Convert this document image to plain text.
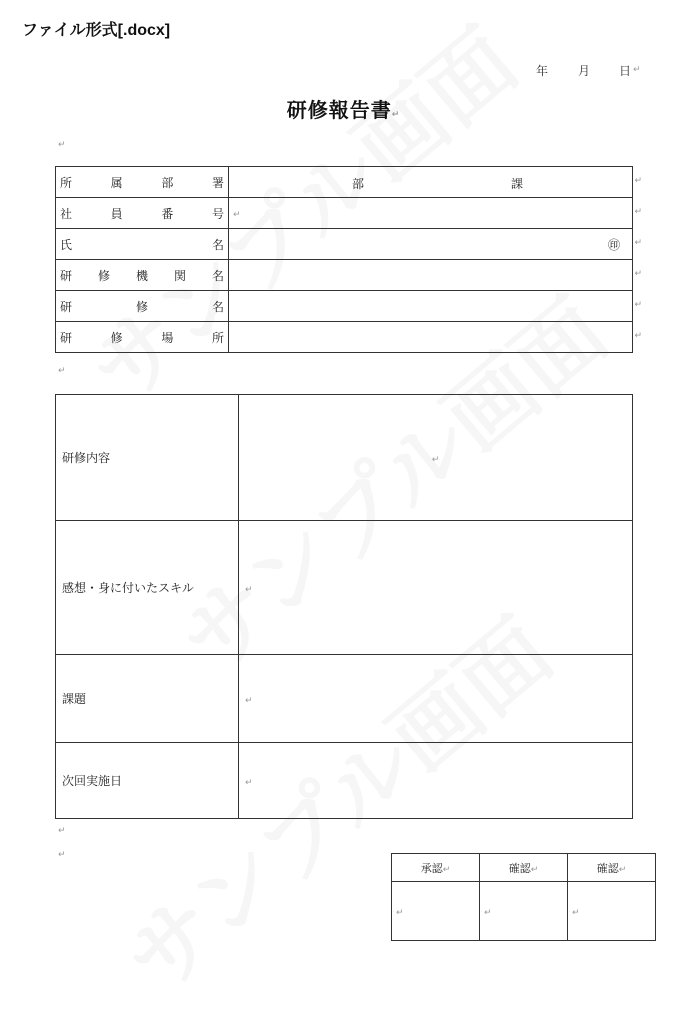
ファイル形式[.docx]
年 月 日 ↵
研修報告書↵
↵
所 属 部 署	部 課 ↵

社 員 番 号	↵ ↵

氏 名	㊞ ↵

研 修 機 関 名	↵

研 修 名	↵

研 修 場 所	↵
↵
研修内容	↵
感想・身に付いたスキル	↵
課題	↵
次回実施日	↵
↵
↵
承認↵	確認↵	確認↵
↵	↵	↵
